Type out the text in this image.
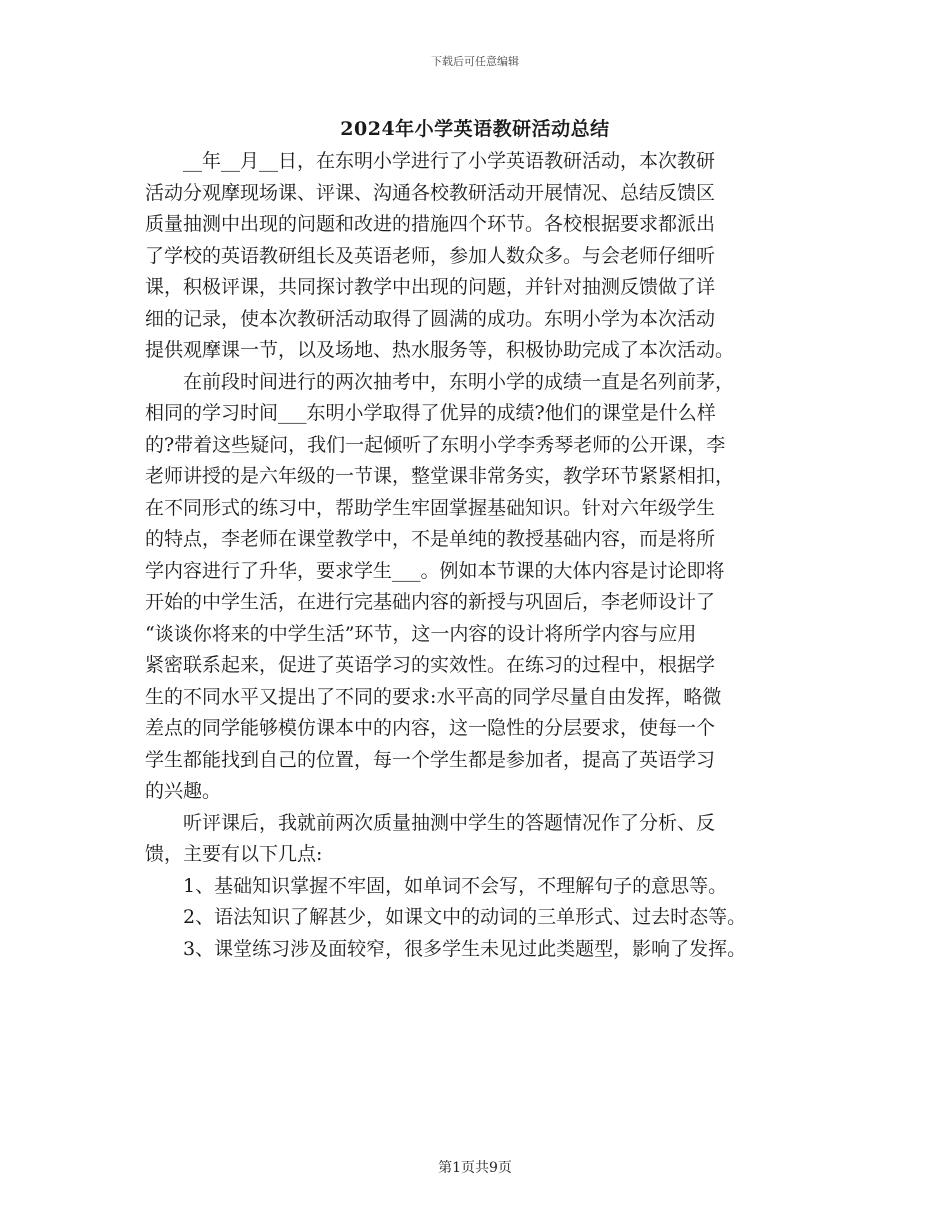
下载后可任意编辑
2024年小学英语教研活动总结

　　__年__月__日，在东明小学进行了小学英语教研活动，本次教研
活动分观摩现场课、评课、沟通各校教研活动开展情况、总结反馈区
质量抽测中出现的问题和改进的措施四个环节。各校根据要求都派出
了学校的英语教研组长及英语老师，参加人数众多。与会老师仔细听
课，积极评课，共同探讨教学中出现的问题，并针对抽测反馈做了详
细的记录，使本次教研活动取得了圆满的成功。东明小学为本次活动
提供观摩课一节，以及场地、热水服务等，积极协助完成了本次活动。

　　在前段时间进行的两次抽考中，东明小学的成绩一直是名列前茅，
相同的学习时间___东明小学取得了优异的成绩?他们的课堂是什么样
的?带着这些疑问，我们一起倾听了东明小学李秀琴老师的公开课，李
老师讲授的是六年级的一节课，整堂课非常务实，教学环节紧紧相扣，
在不同形式的练习中，帮助学生牢固掌握基础知识。针对六年级学生
的特点，李老师在课堂教学中，不是单纯的教授基础内容，而是将所
学内容进行了升华，要求学生___。例如本节课的大体内容是讨论即将
开始的中学生活，在进行完基础内容的新授与巩固后，李老师设计了
“谈谈你将来的中学生活”环节，这一内容的设计将所学内容与应用
紧密联系起来，促进了英语学习的实效性。在练习的过程中，根据学
生的不同水平又提出了不同的要求:水平高的同学尽量自由发挥，略微
差点的同学能够模仿课本中的内容，这一隐性的分层要求，使每一个
学生都能找到自己的位置，每一个学生都是参加者，提高了英语学习
的兴趣。

　　听评课后，我就前两次质量抽测中学生的答题情况作了分析、反
馈，主要有以下几点:

　　1、基础知识掌握不牢固，如单词不会写，不理解句子的意思等。

　　2、语法知识了解甚少，如课文中的动词的三单形式、过去时态等。

　　3、课堂练习涉及面较窄，很多学生未见过此类题型，影响了发挥。

第1页共9页
